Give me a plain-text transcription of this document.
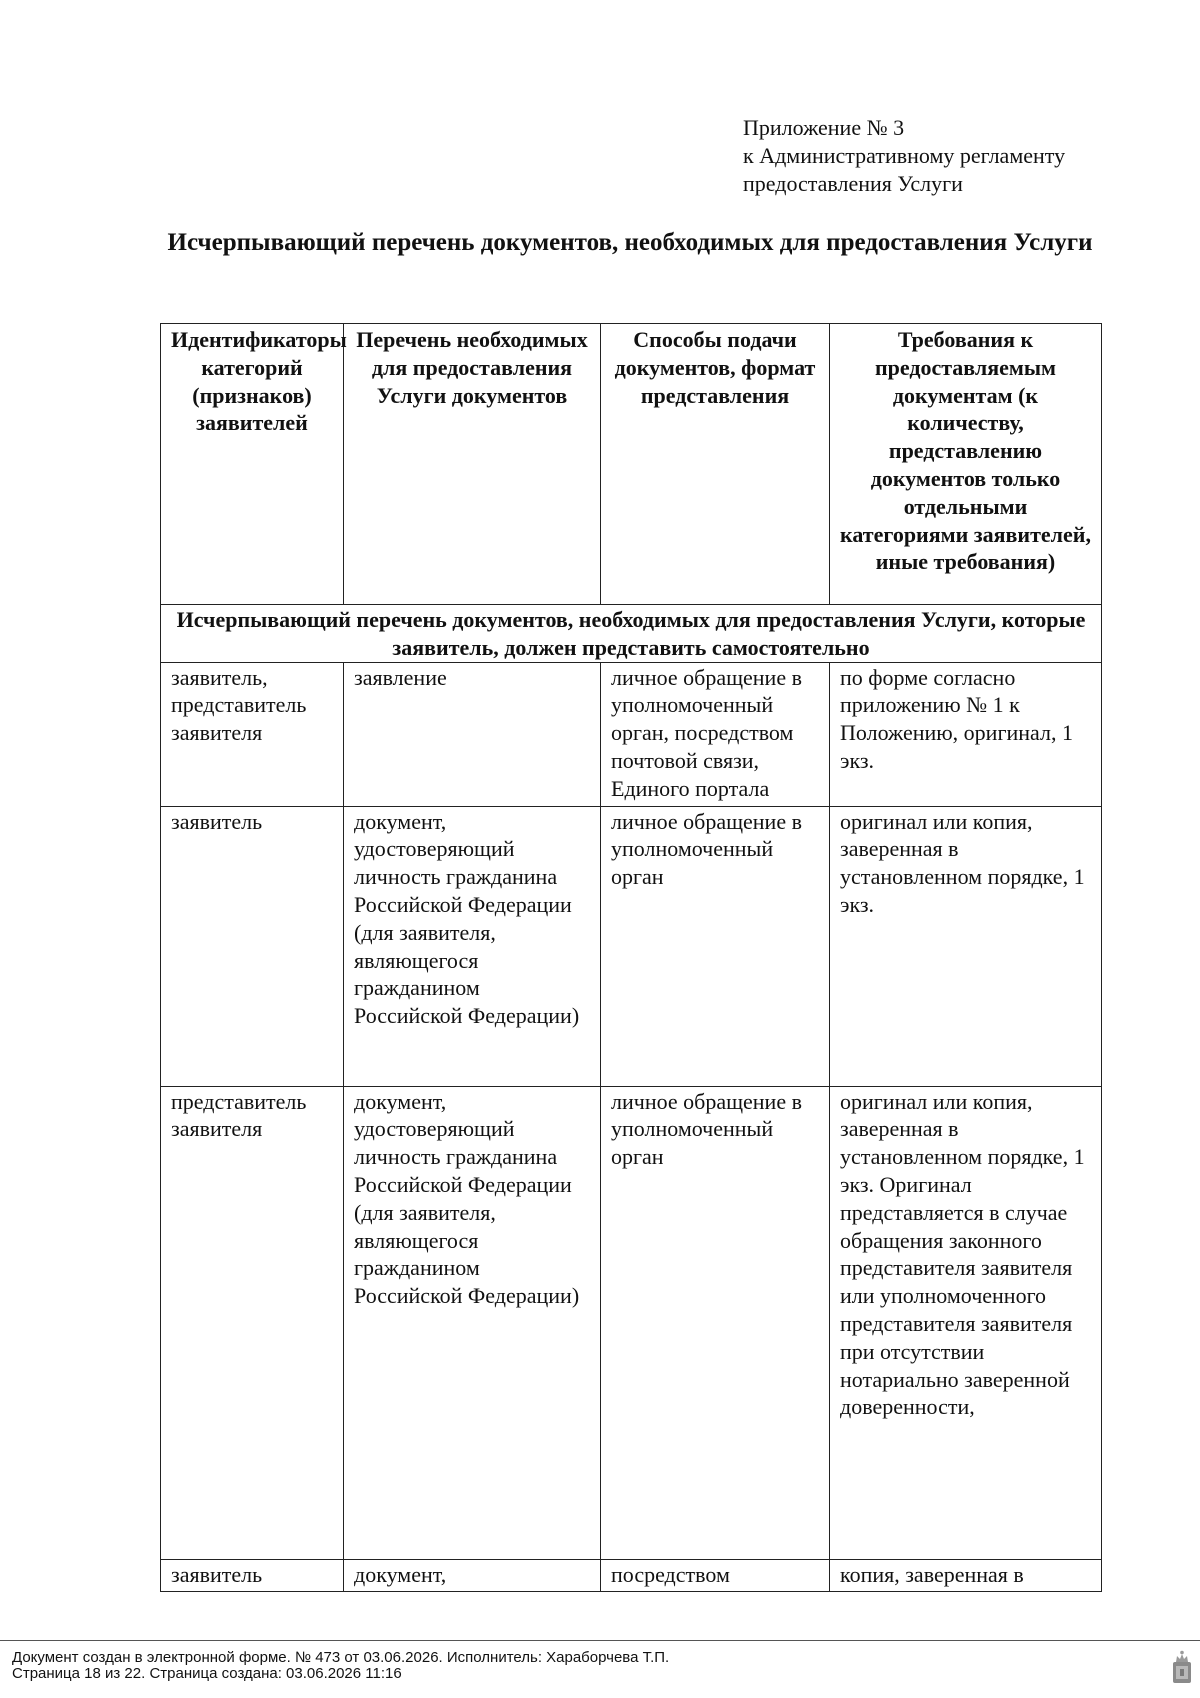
Приложение № 3
к Административному регламенту
предоставления Услуги
Исчерпывающий перечень документов, необходимых для предоставления Услуги
Идентификаторы категорий (признаков) заявителей	Перечень необходимых для предоставления Услуги документов	Способы подачи документов, формат представления	Требования к предоставляемым документам (к количеству, представлению документов только отдельными категориями заявителей, иные требования)
Исчерпывающий перечень документов, необходимых для предоставления Услуги, которые заявитель, должен представить самостоятельно			
заявитель, представитель заявителя	заявление	личное обращение в уполномоченный орган, посредством почтовой связи, Единого портала	по форме согласно приложению № 1 к Положению, оригинал, 1 экз.
заявитель	документ, удостоверяющий личность гражданина Российской Федерации (для заявителя, являющегося гражданином Российской Федерации)	личное обращение в уполномоченный орган	оригинал или копия, заверенная в установленном порядке, 1 экз.
представитель заявителя	документ, удостоверяющий личность гражданина Российской Федерации (для заявителя, являющегося гражданином Российской Федерации)	личное обращение в уполномоченный орган	оригинал или копия, заверенная в установленном порядке, 1 экз. Оригинал представляется в случае обращения законного представителя заявителя или уполномоченного представителя заявителя при отсутствии нотариально заверенной доверенности,
заявитель	документ,	посредством	копия, заверенная в
Документ создан в электронной форме. № 473 от 03.06.2026. Исполнитель: Хараборчева Т.П.
Страница 18 из 22. Страница создана: 03.06.2026 11:16
